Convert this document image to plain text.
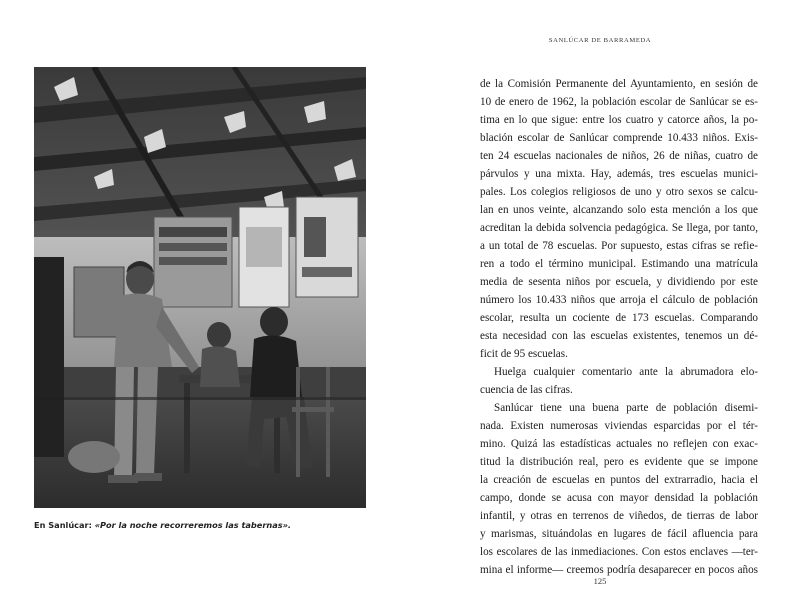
En Sanlúcar: «Por la noche recorreremos las tabernas».
SANLÚCAR DE BARRAMEDA
de la Comisión Permanente del Ayuntamiento, en sesión de
10 de enero de 1962, la población escolar de Sanlúcar se es-
tima en lo que sigue: entre los cuatro y catorce años, la po-
blación escolar de Sanlúcar comprende 10.433 niños. Exis-
ten 24 escuelas nacionales de niños, 26 de niñas, cuatro de
párvulos y una mixta. Hay, además, tres escuelas munici-
pales. Los colegios religiosos de uno y otro sexos se calcu-
lan en unos veinte, alcanzando solo esta mención a los que
acreditan la debida solvencia pedagógica. Se llega, por tanto,
a un total de 78 escuelas. Por supuesto, estas cifras se refie-
ren a todo el término municipal. Estimando una matrícula
media de sesenta niños por escuela, y dividiendo por este
número los 10.433 niños que arroja el cálculo de población
escolar, resulta un cociente de 173 escuelas. Comparando
esta necesidad con las escuelas existentes, tenemos un dé-
ficit de 95 escuelas.
Huelga cualquier comentario ante la abrumadora elo-
cuencia de las cifras.
Sanlúcar tiene una buena parte de población disemi-
nada. Existen numerosas viviendas esparcidas por el tér-
mino. Quizá las estadísticas actuales no reflejen con exac-
titud la distribución real, pero es evidente que se impone
la creación de escuelas en puntos del extrarradio, hacia el
campo, donde se acusa con mayor densidad la población
infantil, y otras en terrenos de viñedos, de tierras de labor
y marismas, situándolas en lugares de fácil afluencia para
los escolares de las inmediaciones. Con estos enclaves —ter-
mina el informe— creemos podría desaparecer en pocos años
125
